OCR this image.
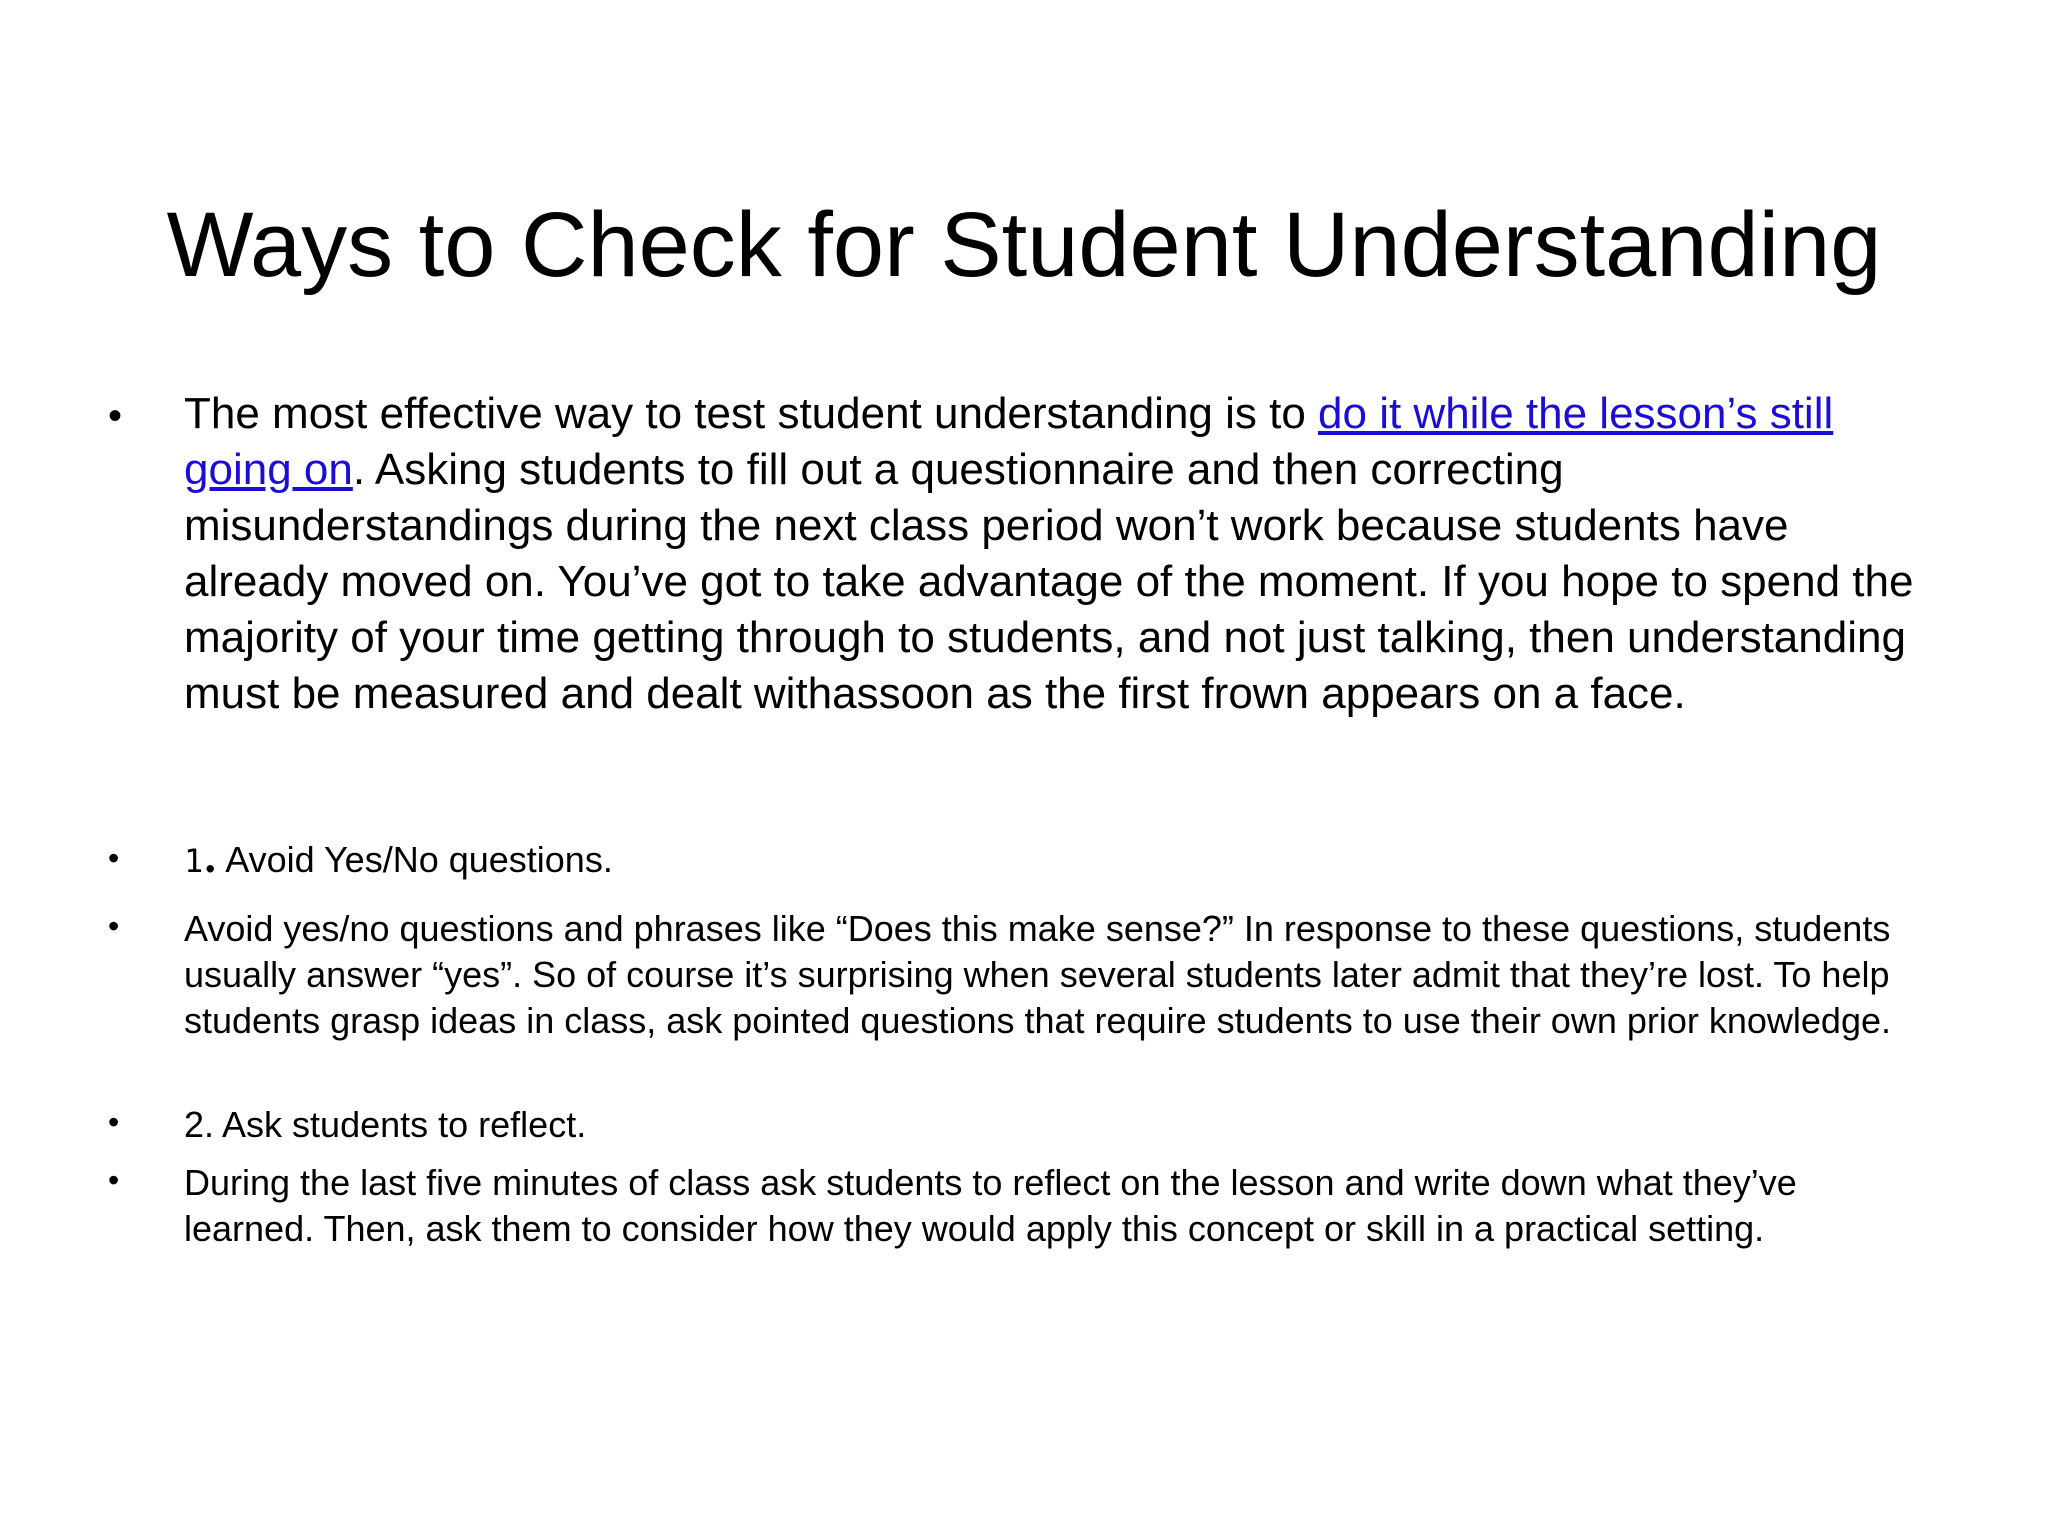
Ways to Check for Student Understanding
• The most effective way to test student understanding is to do it while the lesson’s still going on. Asking students to fill out a questionnaire and then correcting misunderstandings during the next class period won’t work because students have already moved on. You’ve got to take advantage of the moment. If you hope to spend the majority of your time getting through to students, and not just talking, then understanding must be measured and dealt withassoon as the first frown appears on a face.

• 1. Avoid Yes/No questions.

• Avoid yes/no questions and phrases like “Does this make sense?” In response to these questions, students usually answer “yes”. So of course it’s surprising when several students later admit that they’re lost. To help students grasp ideas in class, ask pointed questions that require students to use their own prior knowledge.

• 2. Ask students to reflect.

• During the last five minutes of class ask students to reflect on the lesson and write down what they’ve learned. Then, ask them to consider how they would apply this concept or skill in a practical setting.
